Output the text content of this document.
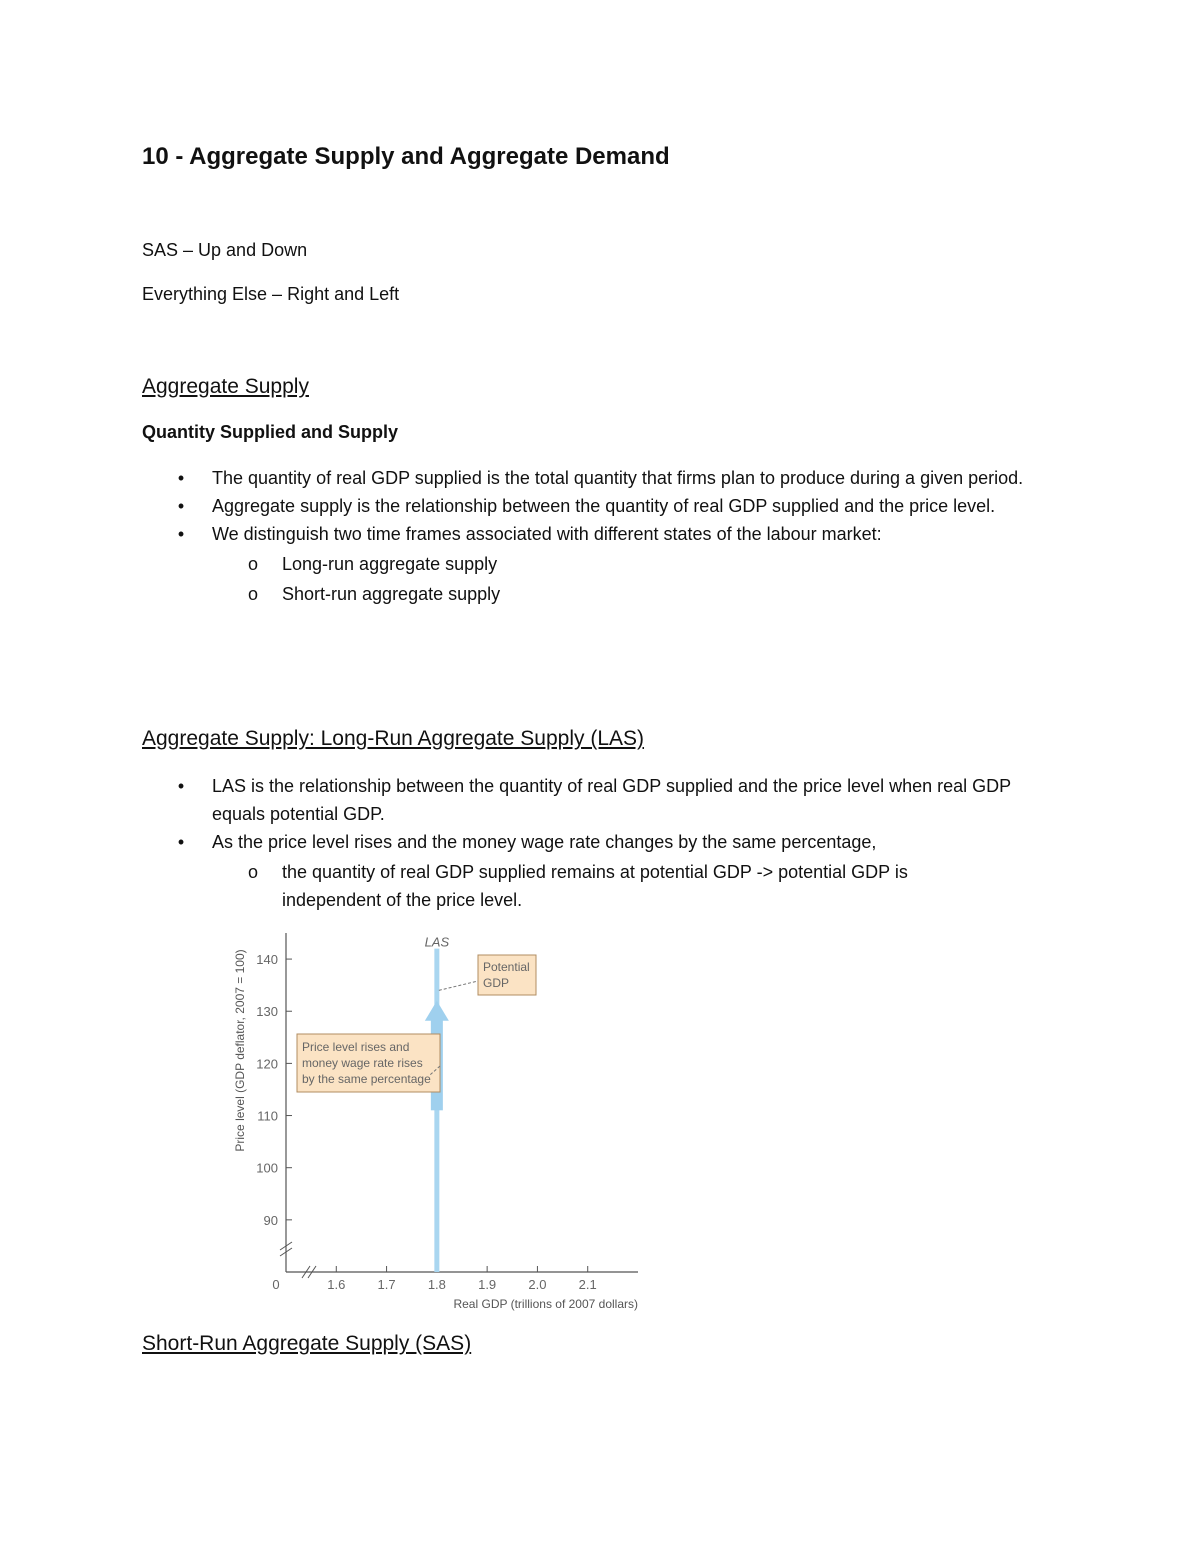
10 - Aggregate Supply and Aggregate Demand
SAS – Up and Down
Everything Else – Right and Left
Aggregate Supply
Quantity Supplied and Supply
• The quantity of real GDP supplied is the total quantity that firms plan to produce during a given period.
• Aggregate supply is the relationship between the quantity of real GDP supplied and the price level.
• We distinguish two time frames associated with different states of the labour market:
o Long-run aggregate supply
o Short-run aggregate supply
Aggregate Supply: Long-Run Aggregate Supply (LAS)
• LAS is the relationship between the quantity of real GDP supplied and the price level when real GDP equals potential GDP.
• As the price level rises and the money wage rate changes by the same percentage,
o the quantity of real GDP supplied remains at potential GDP -> potential GDP is independent of the price level.
90
100
110
120
130
140
1.6 1.7 1.8 1.9 2.0 2.1
0
Real GDP (trillions of 2007 dollars)
Price level (GDP deflator, 2007 = 100)
LAS
Potential
GDP
Price level rises and
money wage rate rises
by the same percentage
Short-Run Aggregate Supply (SAS)
